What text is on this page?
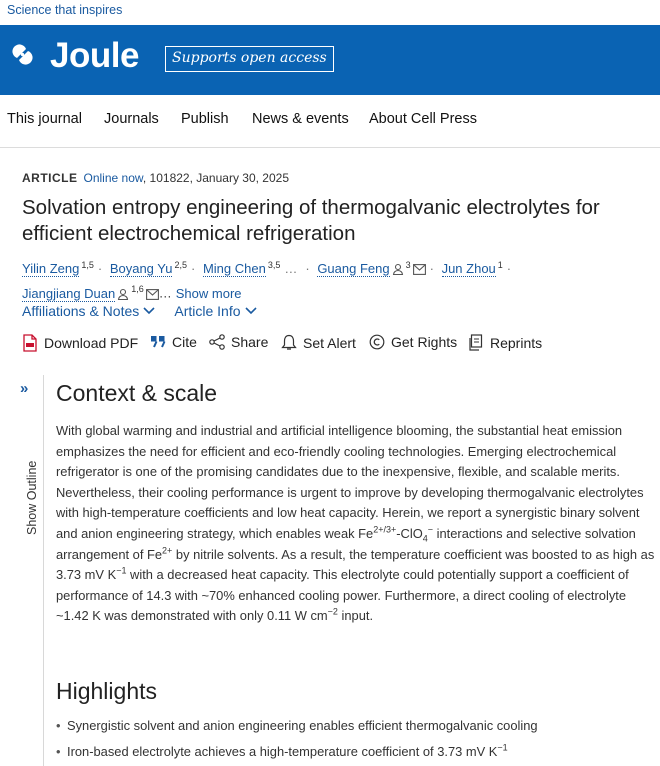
Science that inspires
Joule	Supports open access
This journal Journals Publish News & events About Cell Press
ARTICLE Online now, 101822, January 30, 2025
Solvation entropy engineering of thermogalvanic electrolytes for efficient electrochemical refrigeration
Yilin Zeng $^{1,5}$ · Boyang Yu $^{2,5}$ · Ming Chen $^{3,5}$ … · Guang Feng $^3$ · Jun Zhou $^1$ ·
Jiangjiang Duan $^{1,6}$ … Show more
Affiliations & Notes	Article Info
Download PDF Cite Share Set Alert	Get Rights Reprints
»
Show Outline
Context & scale

With global warming and industrial and artificial intelligence blooming, the substantial heat emission emphasizes the need for efficient and eco-friendly cooling technologies. Emerging electrochemical refrigerator is one of the promising candidates due to the inexpensive, flexible, and scalable merits. Nevertheless, their cooling performance is urgent to improve by developing thermogalvanic electrolytes with high-temperature coefficients and low heat capacity. Herein, we report a synergistic binary solvent and anion engineering strategy, which enables weak $Fe^{2+/3+}-ClO_4^-$ interactions and selective solvation arrangement of $Fe^{2+}$ by nitrile solvents. As a result, the temperature coefficient was boosted to as high as 3.73 mV $K^{-1}$ with a decreased heat capacity. This electrolyte could potentially support a coefficient of performance of 14.3 with ~70% enhanced cooling power. Furthermore, a direct cooling of electrolyte ~1.42 K was demonstrated with only 0.11 W $cm^{-2}$ input.

Highlights
• Synergistic solvent and anion engineering enables efficient thermogalvanic cooling
• Iron-based electrolyte achieves a high-temperature coefficient of 3.73 mV $K^{-1}$
